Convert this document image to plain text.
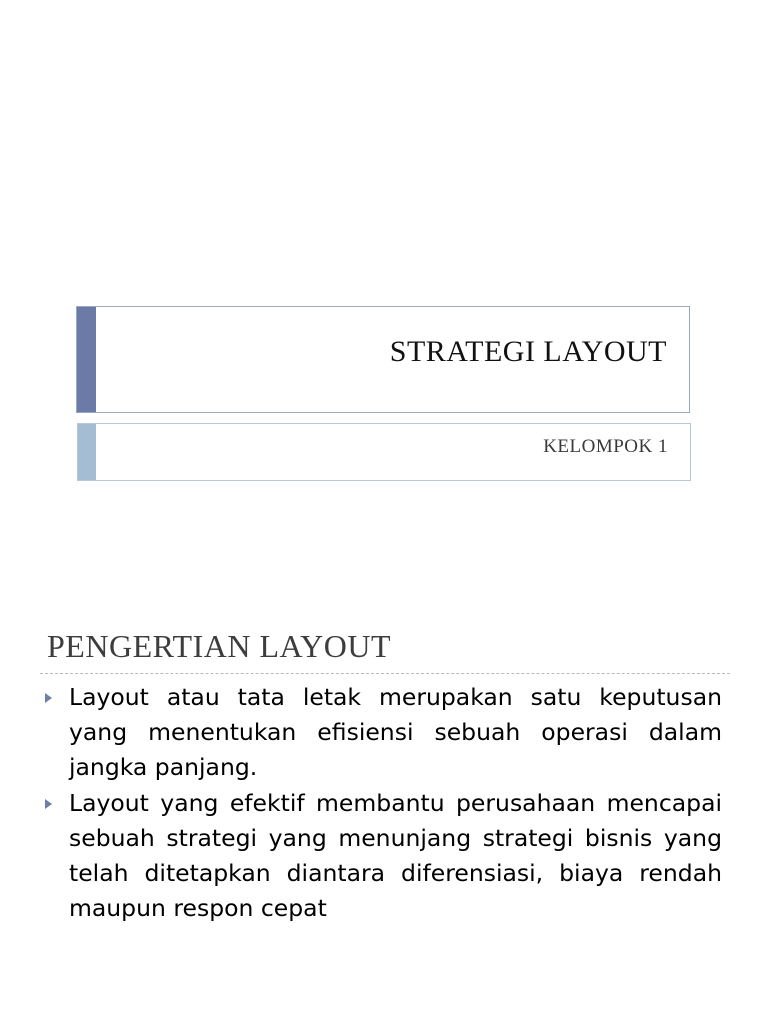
STRATEGI LAYOUT
KELOMPOK 1
PENGERTIAN LAYOUT
Layout atau tata letak merupakan satu keputusan yang menentukan efisiensi sebuah operasi dalam jangka panjang.
Layout yang efektif membantu perusahaan mencapai sebuah strategi yang menunjang strategi bisnis yang telah ditetapkan diantara diferensiasi, biaya rendah maupun respon cepat
